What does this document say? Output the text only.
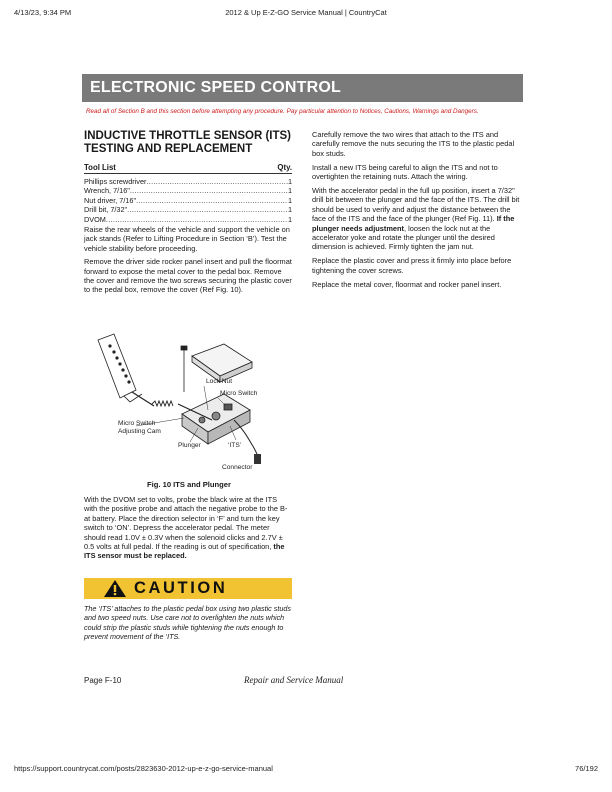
4/13/23, 9:34 PM	2012 & Up E-Z-GO Service Manual | CountryCat
ELECTRONIC SPEED CONTROL
Read all of Section B and this section before attempting any procedure. Pay particular attention to Notices, Cautions, Warnings and Dangers.
INDUCTIVE THROTTLE SENSOR (ITS)
TESTING AND REPLACEMENT
Tool List	Qty.
Phillips screwdriver .....	1
Wrench, 7/16" .....	1
Nut driver, 7/16" .....	1
Drill bit, 7/32" .....	1
DVOM .....	1

Raise the rear wheels of the vehicle and support the vehicle on jack stands (Refer to Lifting Procedure in Section ‘B’). Test the vehicle stability before proceeding.

Remove the driver side rocker panel insert and pull the floormat forward to expose the metal cover to the pedal box. Remove the cover and remove the two screws securing the plastic cover to the pedal box, remove the cover (Ref Fig. 10).

Lock Nut
Micro Switch
Micro Switch
Adjusting Cam
Plunger	‘ITS’
Connector
Fig. 10 ITS and Plunger

With the DVOM set to volts, probe the black wire at the ITS with the positive probe and attach the negative probe to the B- at battery. Place the direction selector in ‘F’ and turn the key switch to ‘ON’. Depress the accelerator pedal. The meter should read 1.0V ± 0.3V when the solenoid clicks and 2.7V ± 0.5 volts at full pedal. If the reading is out of specification, the ITS sensor must be replaced.

CAUTION
The ‘ITS’ attaches to the plastic pedal box using two plastic studs and two speed nuts. Use care not to overlighten the nuts which could strip the plastic studs while tightening the nuts enough to prevent movement of the ‘ITS.

Carefully remove the two wires that attach to the ITS and carefully remove the nuts securing the ITS to the plastic pedal box studs.

Install a new ITS being careful to align the ITS and not to overtighten the retaining nuts. Attach the wiring.

With the accelerator pedal in the full up position, insert a 7/32" drill bit between the plunger and the face of the ITS. The drill bit should be used to verify and adjust the distance between the face of the ITS and the face of the plunger (Ref Fig. 11). If the plunger needs adjustment, loosen the lock nut at the accelerator yoke and rotate the plunger until the desired dimension is achieved. Firmly tighten the jam nut.

Replace the plastic cover and press it firmly into place before tightening the cover screws.

Replace the metal cover, floormat and rocker panel insert.

Page F-10	Repair and Service Manual
https://support.countrycat.com/posts/2823630-2012-up-e-z-go-service-manual	76/192
